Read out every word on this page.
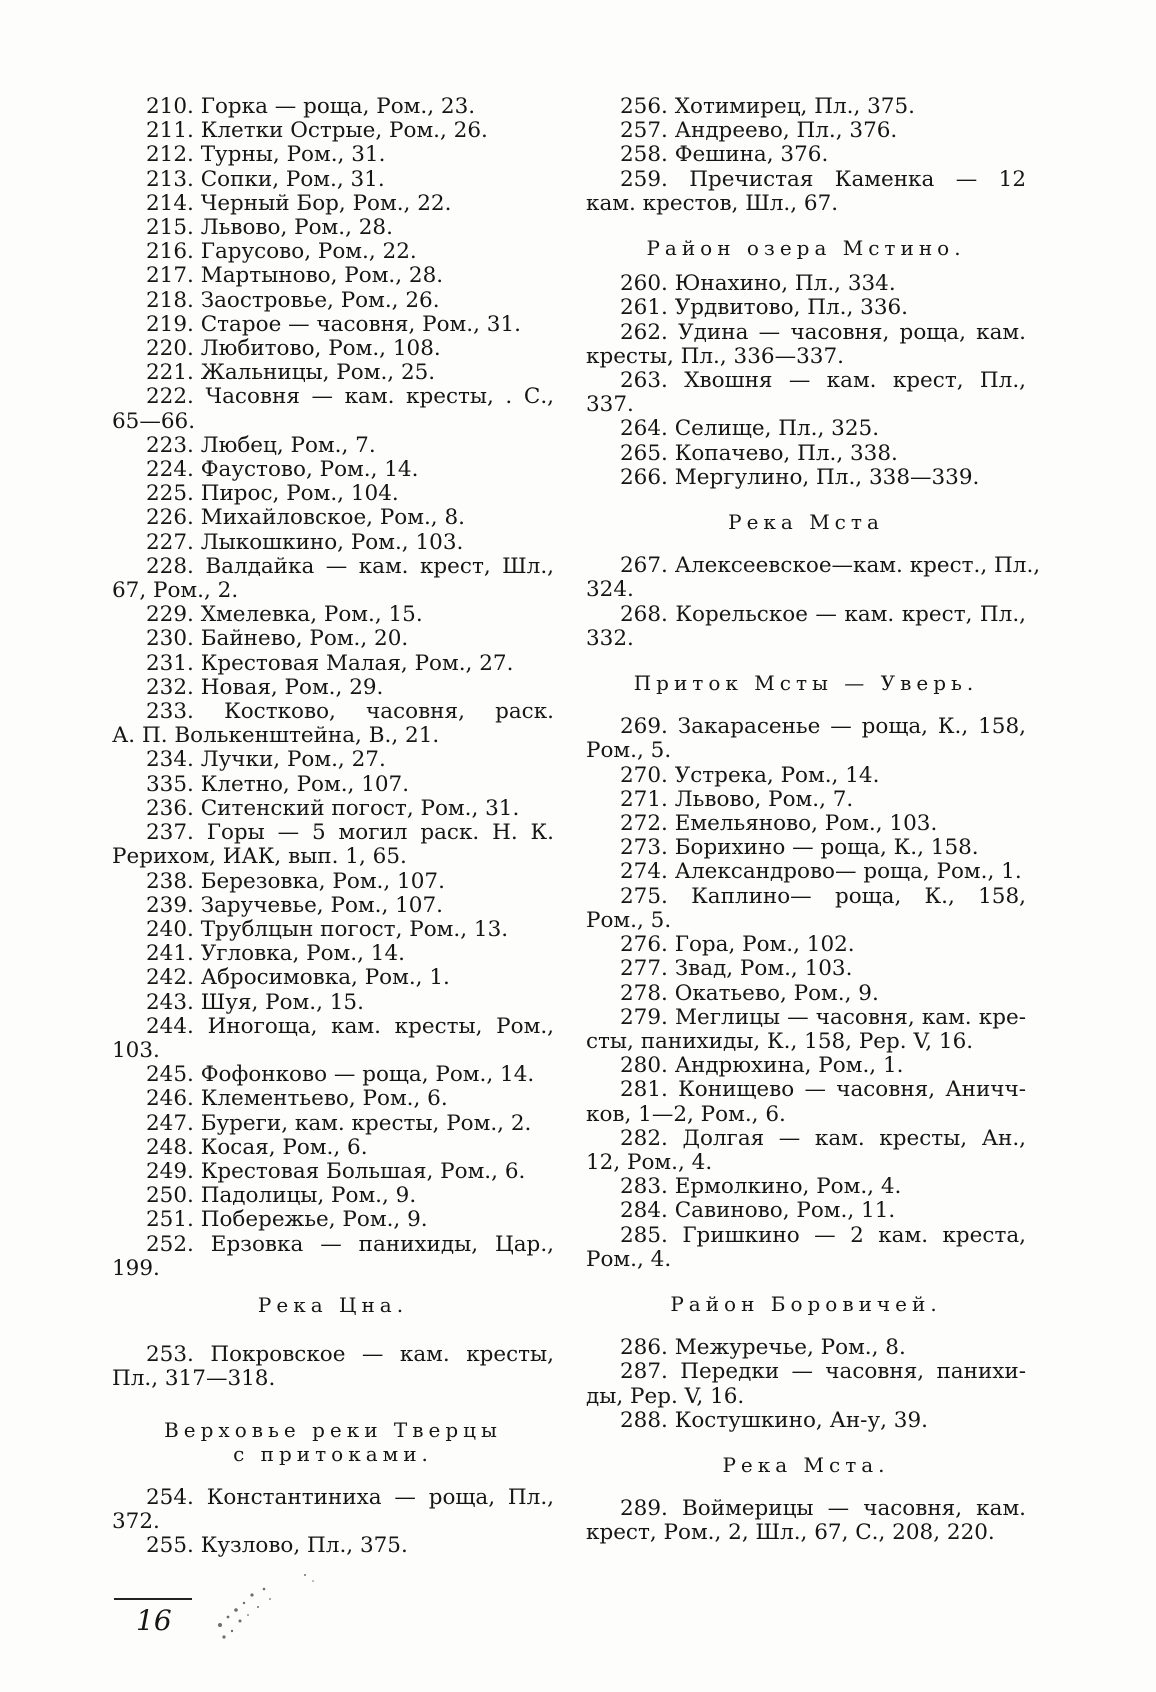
210. Горка — роща, Ром., 23.
211. Клетки Острые, Ром., 26.
212. Турны, Ром., 31.
213. Сопки, Ром., 31.
214. Черный Бор, Ром., 22.
215. Львово, Ром., 28.
216. Гарусово, Ром., 22.
217. Мартыново, Ром., 28.
218. Заостровье, Ром., 26.
219. Старое — часовня, Ром., 31.
220. Любитово, Ром., 108.
221. Жальницы, Ром., 25.
222. Часовня — кам. кресты, . С.,
65—66.
223. Любец, Ром., 7.
224. Фаустово, Ром., 14.
225. Пирос, Ром., 104.
226. Михайловское, Ром., 8.
227. Лыкошкино, Ром., 103.
228. Валдайка — кам. крест, Шл.,
67, Ром., 2.
229. Хмелевка, Ром., 15.
230. Байнево, Ром., 20.
231. Крестовая Малая, Ром., 27.
232. Новая, Ром., 29.
233. Костково, часовня, раск.
А. П. Волькенштейна, В., 21.
234. Лучки, Ром., 27.
335. Клетно, Ром., 107.
236. Ситенский погост, Ром., 31.
237. Горы — 5 могил раск. Н. К.
Рерихом, ИАК, вып. 1, 65.
238. Березовка, Ром., 107.
239. Заручевье, Ром., 107.
240. Трублцын погост, Ром., 13.
241. Угловка, Ром., 14.
242. Абросимовка, Ром., 1.
243. Шуя, Ром., 15.
244. Иногоща, кам. кресты, Ром.,
103.
245. Фофонково — роща, Ром., 14.
246. Клементьево, Ром., 6.
247. Буреги, кам. кресты, Ром., 2.
248. Косая, Ром., 6.
249. Крестовая Большая, Ром., 6.
250. Падолицы, Ром., 9.
251. Побережье, Ром., 9.
252. Ерзовка — панихиды, Цар.,
199.
Река Цна.
253. Покровское — кам. кресты,
Пл., 317—318.
Верховье реки Тверцы
с притоками.
254. Константиниха — роща, Пл.,
372.
255. Кузлово, Пл., 375.
256. Хотимирец, Пл., 375.
257. Андреево, Пл., 376.
258. Фешина, 376.
259. Пречистая Каменка — 12
кам. крестов, Шл., 67.
Район озера Мстино.
260. Юнахино, Пл., 334.
261. Урдвитово, Пл., 336.
262. Удина — часовня, роща, кам.
кресты, Пл., 336—337.
263. Хвошня — кам. крест, Пл.,
337.
264. Селище, Пл., 325.
265. Копачево, Пл., 338.
266. Мергулино, Пл., 338—339.
Река Мста
267. Алексеевское—кам. крест., Пл.,
324.
268. Корельское — кам. крест, Пл.,
332.
Приток Мсты — Уверь.
269. Закарасенье — роща, К., 158,
Ром., 5.
270. Устрека, Ром., 14.
271. Львово, Ром., 7.
272. Емельяново, Ром., 103.
273. Борихино — роща, К., 158.
274. Александрово— роща, Ром., 1.
275. Каплино— роща, К., 158,
Ром., 5.
276. Гора, Ром., 102.
277. Звад, Ром., 103.
278. Окатьево, Ром., 9.
279. Меглицы — часовня, кам. кре-
сты, панихиды, К., 158, Рер. V, 16.
280. Андрюхина, Ром., 1.
281. Конищево — часовня, Аничч-
ков, 1—2, Ром., 6.
282. Долгая — кам. кресты, Ан.,
12, Ром., 4.
283. Ермолкино, Ром., 4.
284. Савиново, Ром., 11.
285. Гришкино — 2 кам. креста,
Ром., 4.
Район Боровичей.
286. Межуречье, Ром., 8.
287. Передки — часовня, панихи-
ды, Рер. V, 16.
288. Костушкино, Ан-у, 39.
Река Мста.
289. Воймерицы — часовня, кам.
крест, Ром., 2, Шл., 67, С., 208, 220.
16
